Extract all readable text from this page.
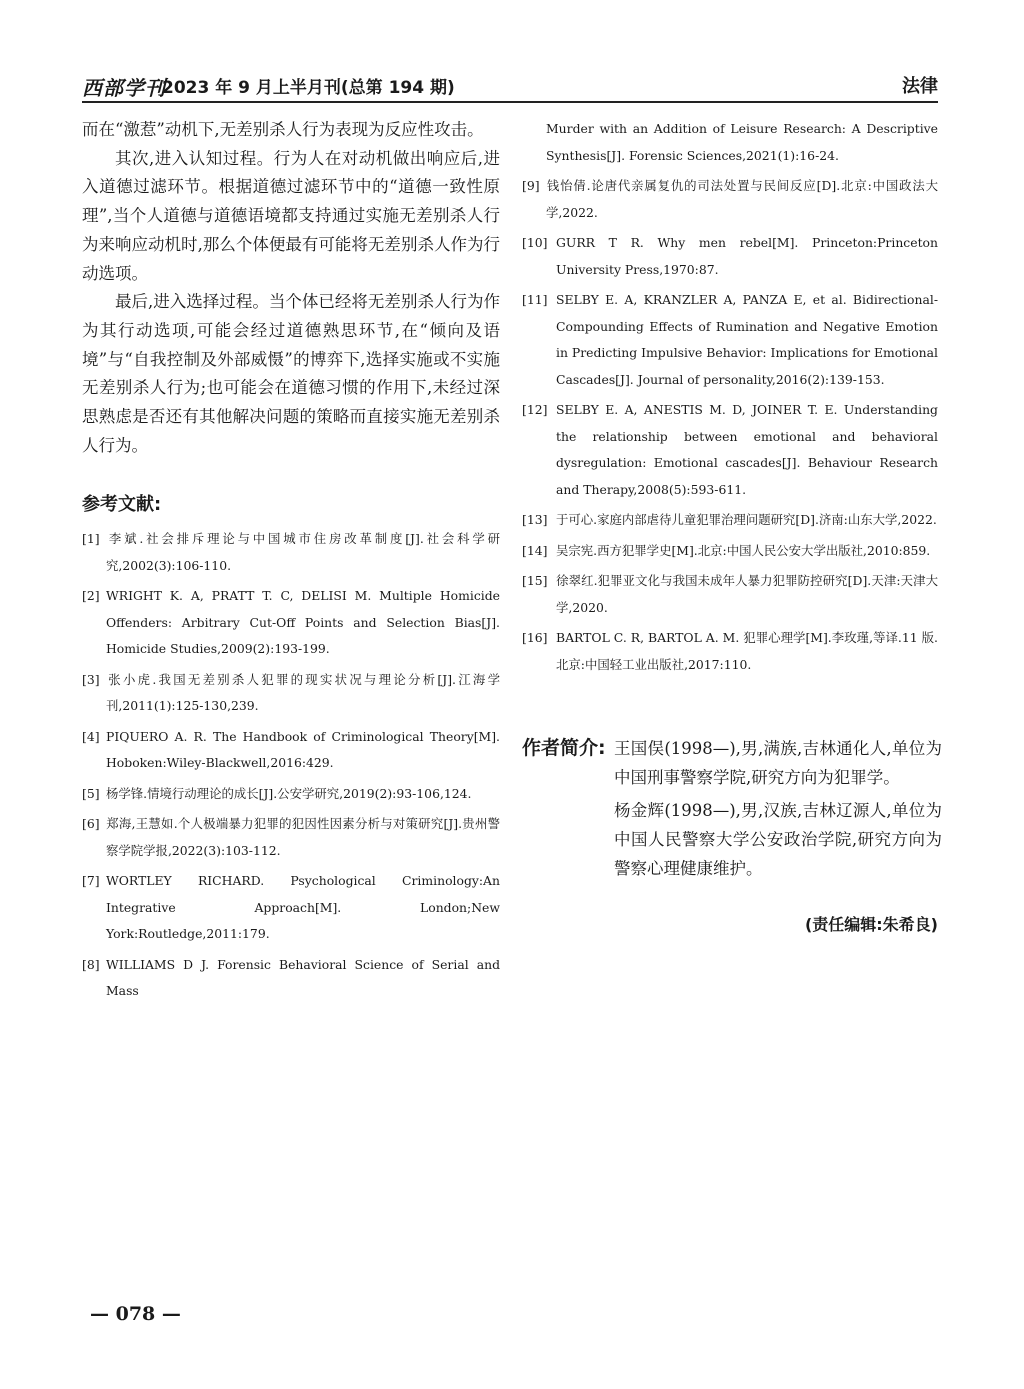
西部学刊
2023 年 9 月上半月刊(总第 194 期)	法律

而在“激惹”动机下,无差别杀人行为表现为反应性攻击。

其次,进入认知过程。行为人在对动机做出响应后,进入道德过滤环节。根据道德过滤环节中的“道德一致性原理”,当个人道德与道德语境都支持通过实施无差别杀人行为来响应动机时,那么个体便最有可能将无差别杀人作为行动选项。

最后,进入选择过程。当个体已经将无差别杀人行为作为其行动选项,可能会经过道德熟思环节,在“倾向及语境”与“自我控制及外部威慑”的博弈下,选择实施或不实施无差别杀人行为;也可能会在道德习惯的作用下,未经过深思熟虑是否还有其他解决问题的策略而直接实施无差别杀人行为。

参考文献:
[1] 李斌.社会排斥理论与中国城市住房改革制度[J].社会科学研究,2002(3):106-110.
[2] WRIGHT K. A, PRATT T. C, DELISI M. Multiple Homicide Offenders: Arbitrary Cut-Off Points and Selection Bias[J]. Homicide Studies,2009(2):193-199.
[3] 张小虎.我国无差别杀人犯罪的现实状况与理论分析[J].江海学刊,2011(1):125-130,239.
[4] PIQUERO A. R. The Handbook of Criminological Theory[M]. Hoboken:Wiley-Blackwell,2016:429.
[5] 杨学锋.情境行动理论的成长[J].公安学研究,2019(2):93-106,124.
[6] 郑海,王慧如.个人极端暴力犯罪的犯因性因素分析与对策研究[J].贵州警察学院学报,2022(3):103-112.
[7] WORTLEY RICHARD. Psychological Criminology:An Integrative Approach[M]. London;New York:Routledge,2011:179.
[8] WILLIAMS D J. Forensic Behavioral Science of Serial and Mass
Murder with an Addition of Leisure Research: A Descriptive Synthesis[J]. Forensic Sciences,2021(1):16-24.
[9] 钱怡倩.论唐代亲属复仇的司法处置与民间反应[D].北京:中国政法大学,2022.
[10] GURR T R. Why men rebel[M]. Princeton:Princeton University Press,1970:87.
[11] SELBY E. A, KRANZLER A, PANZA E, et al. Bidirectional-Compounding Effects of Rumination and Negative Emotion in Predicting Impulsive Behavior: Implications for Emotional Cascades[J]. Journal of personality,2016(2):139-153.
[12] SELBY E. A, ANESTIS M. D, JOINER T. E. Understanding the relationship between emotional and behavioral dysregulation: Emotional cascades[J]. Behaviour Research and Therapy,2008(5):593-611.
[13] 于可心.家庭内部虐待儿童犯罪治理问题研究[D].济南:山东大学,2022.
[14] 吴宗宪.西方犯罪学史[M].北京:中国人民公安大学出版社,2010:859.
[15] 徐翠红.犯罪亚文化与我国未成年人暴力犯罪防控研究[D].天津:天津大学,2020.
[16] BARTOL C. R, BARTOL A. M. 犯罪心理学[M].李玫瑾,等译.11 版.北京:中国轻工业出版社,2017:110.
作者简介: 王国俣(1998—),男,满族,吉林通化人,单位为中国刑事警察学院,研究方向为犯罪学。

杨金辉(1998—),男,汉族,吉林辽源人,单位为中国人民警察大学公安政治学院,研究方向为警察心理健康维护。

(责任编辑:朱希良)
— 078 —
